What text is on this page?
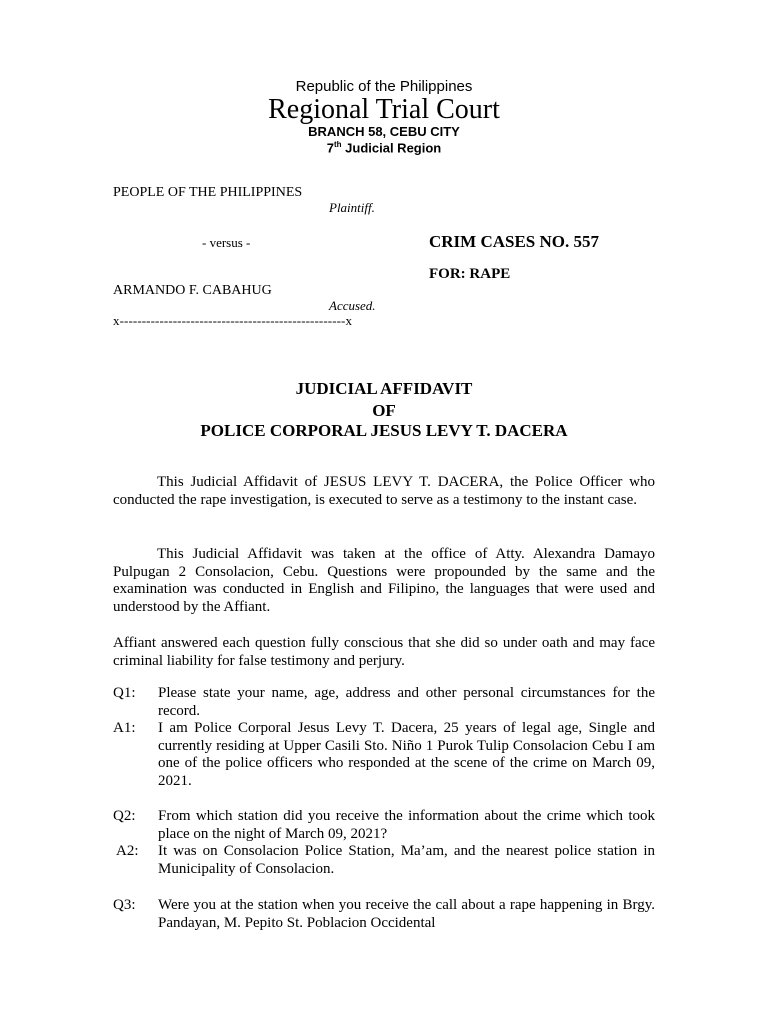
Republic of the Philippines
Regional Trial Court
BRANCH 58, CEBU CITY
7th Judicial Region
PEOPLE OF THE PHILIPPINES
Plaintiff.
- versus -	CRIM CASES NO. 557
FOR: RAPE
ARMANDO F. CABAHUG
Accused.
x---------------------------------------------------x
JUDICIAL AFFIDAVIT
OF
POLICE CORPORAL JESUS LEVY T. DACERA
This Judicial Affidavit of JESUS LEVY T. DACERA, the Police Officer who conducted the rape investigation, is executed to serve as a testimony to the instant case.
This Judicial Affidavit was taken at the office of Atty. Alexandra Damayo Pulpugan 2 Consolacion, Cebu. Questions were propounded by the same and the examination was conducted in English and Filipino, the languages that were used and understood by the Affiant.
Affiant answered each question fully conscious that she did so under oath and may face criminal liability for false testimony and perjury.
Q1: Please state your name, age, address and other personal circumstances for the record.
A1: I am Police Corporal Jesus Levy T. Dacera, 25 years of legal age, Single and currently residing at Upper Casili Sto. Niño 1 Purok Tulip Consolacion Cebu I am one of the police officers who responded at the scene of the crime on March 09, 2021.
Q2: From which station did you receive the information about the crime which took place on the night of March 09, 2021?
A2: It was on Consolacion Police Station, Ma’am, and the nearest police station in Municipality of Consolacion.
Q3: Were you at the station when you receive the call about a rape happening in Brgy. Pandayan, M. Pepito St. Poblacion Occidental
